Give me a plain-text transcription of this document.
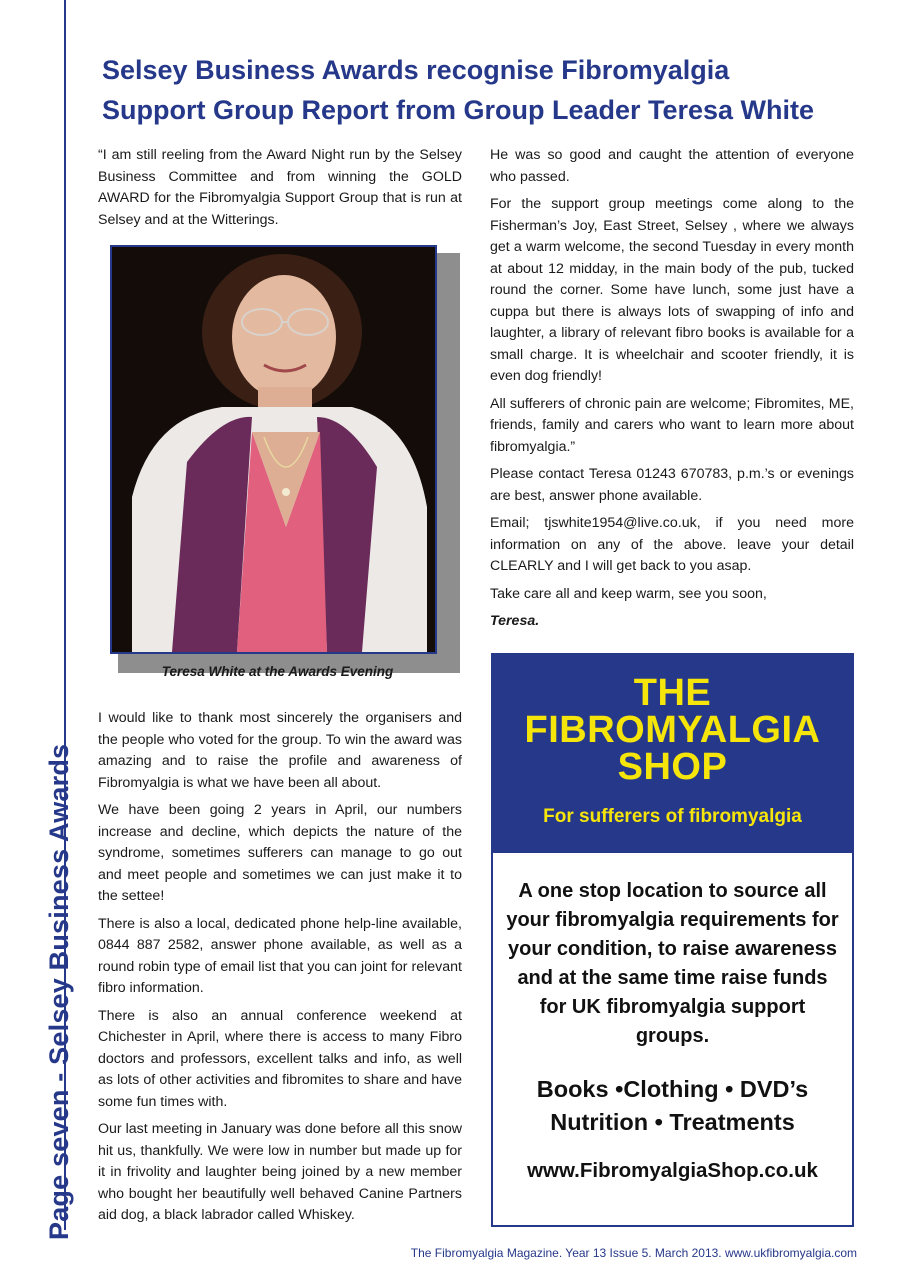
Page seven - Selsey Business Awards
Selsey Business Awards recognise Fibromyalgia
Support Group Report from Group Leader Teresa White

“I am still reeling from the Award Night run by the Selsey Business Committee and from winning the GOLD AWARD for the Fibromyalgia Support Group that is run at Selsey and at the Witterings.

Teresa White at the Awards Evening

I would like to thank most sincerely the organisers and the people who voted for the group. To win the award was amazing and to raise the profile and awareness of Fibromyalgia is what we have been all about.

We have been going 2 years in April, our numbers increase and decline, which depicts the nature of the syndrome, sometimes sufferers can manage to go out and meet people and sometimes we can just make it to the settee!

There is also a local, dedicated phone help-line available, 0844 887 2582, answer phone available, as well as a round robin type of email list that you can joint for relevant fibro information.

There is also an annual conference weekend at Chichester in April, where there is access to many Fibro doctors and professors, excellent talks and info, as well as lots of other activities and fibromites to share and have some fun times with.

Our last meeting in January was done before all this snow hit us, thankfully. We were low in number but made up for it in frivolity and laughter being joined by a new member who bought her beautifully well behaved Canine Partners aid dog, a black labrador called Whiskey.

He was so good and caught the attention of everyone who passed.

For the support group meetings come along to the Fisherman’s Joy, East Street, Selsey , where we always get a warm welcome, the second Tuesday in every month at about 12 midday, in the main body of the pub, tucked round the corner. Some have lunch, some just have a cuppa but there is always lots of swapping of info and laughter, a library of relevant fibro books is available for a small charge. It is wheelchair and scooter friendly, it is even dog friendly!

All sufferers of chronic pain are welcome; Fibromites, ME, friends, family and carers who want to learn more about fibromyalgia.”

Please contact Teresa 01243 670783, p.m.’s or evenings are best, answer phone available.

Email; tjswhite1954@live.co.uk, if you need more information on any of the above. leave your detail CLEARLY and I will get back to you asap.

Take care all and keep warm, see you soon,

Teresa.

THE
FIBROMYALGIA
SHOP
For sufferers of fibromyalgia

A one stop location to source all your fibromyalgia requirements for your condition, to raise awareness and at the same time raise funds for UK fibromyalgia support groups.

Books •Clothing • DVD’s
Nutrition • Treatments

www.FibromyalgiaShop.co.uk
The Fibromyalgia Magazine. Year 13 Issue 5. March 2013. www.ukfibromyalgia.com
